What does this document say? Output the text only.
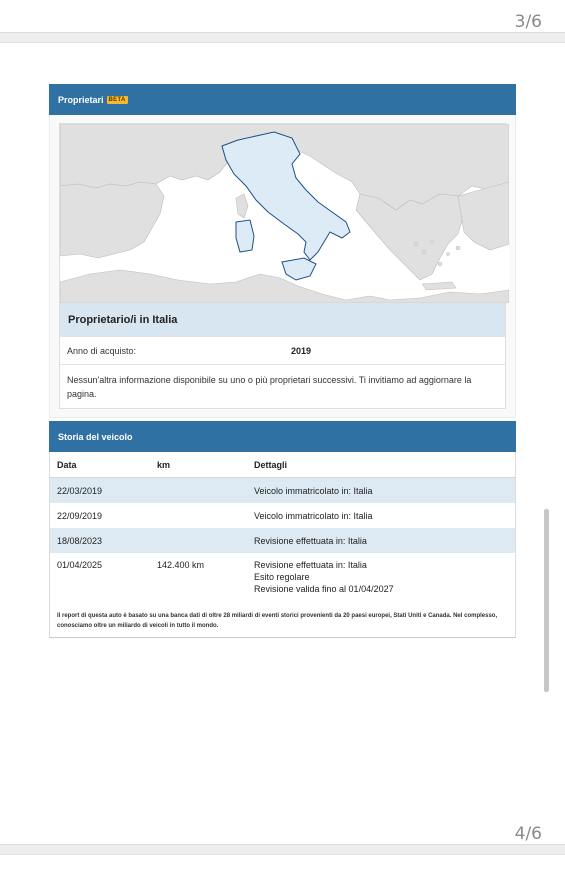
3/6
Proprietari BETA
Proprietario/i in Italia
Anno di acquisto:	2019
Nessun'altra informazione disponibile su uno o più proprietari successivi. Ti invitiamo ad aggiornare la pagina.
Storia del veicolo
Data	km	Dettagli
22/03/2019		Veicolo immatricolato in: Italia
22/09/2019		Veicolo immatricolato in: Italia
18/08/2023		Revisione effettuata in: Italia
01/04/2025	142.400 km	Revisione effettuata in: Italia
Esito regolare
Revisione valida fino al 01/04/2027
Il report di questa auto è basato su una banca dati di oltre 28 miliardi di eventi storici provenienti da 20 paesi europei, Stati Uniti e Canada. Nel complesso, conosciamo oltre un miliardo di veicoli in tutto il mondo.
4/6
